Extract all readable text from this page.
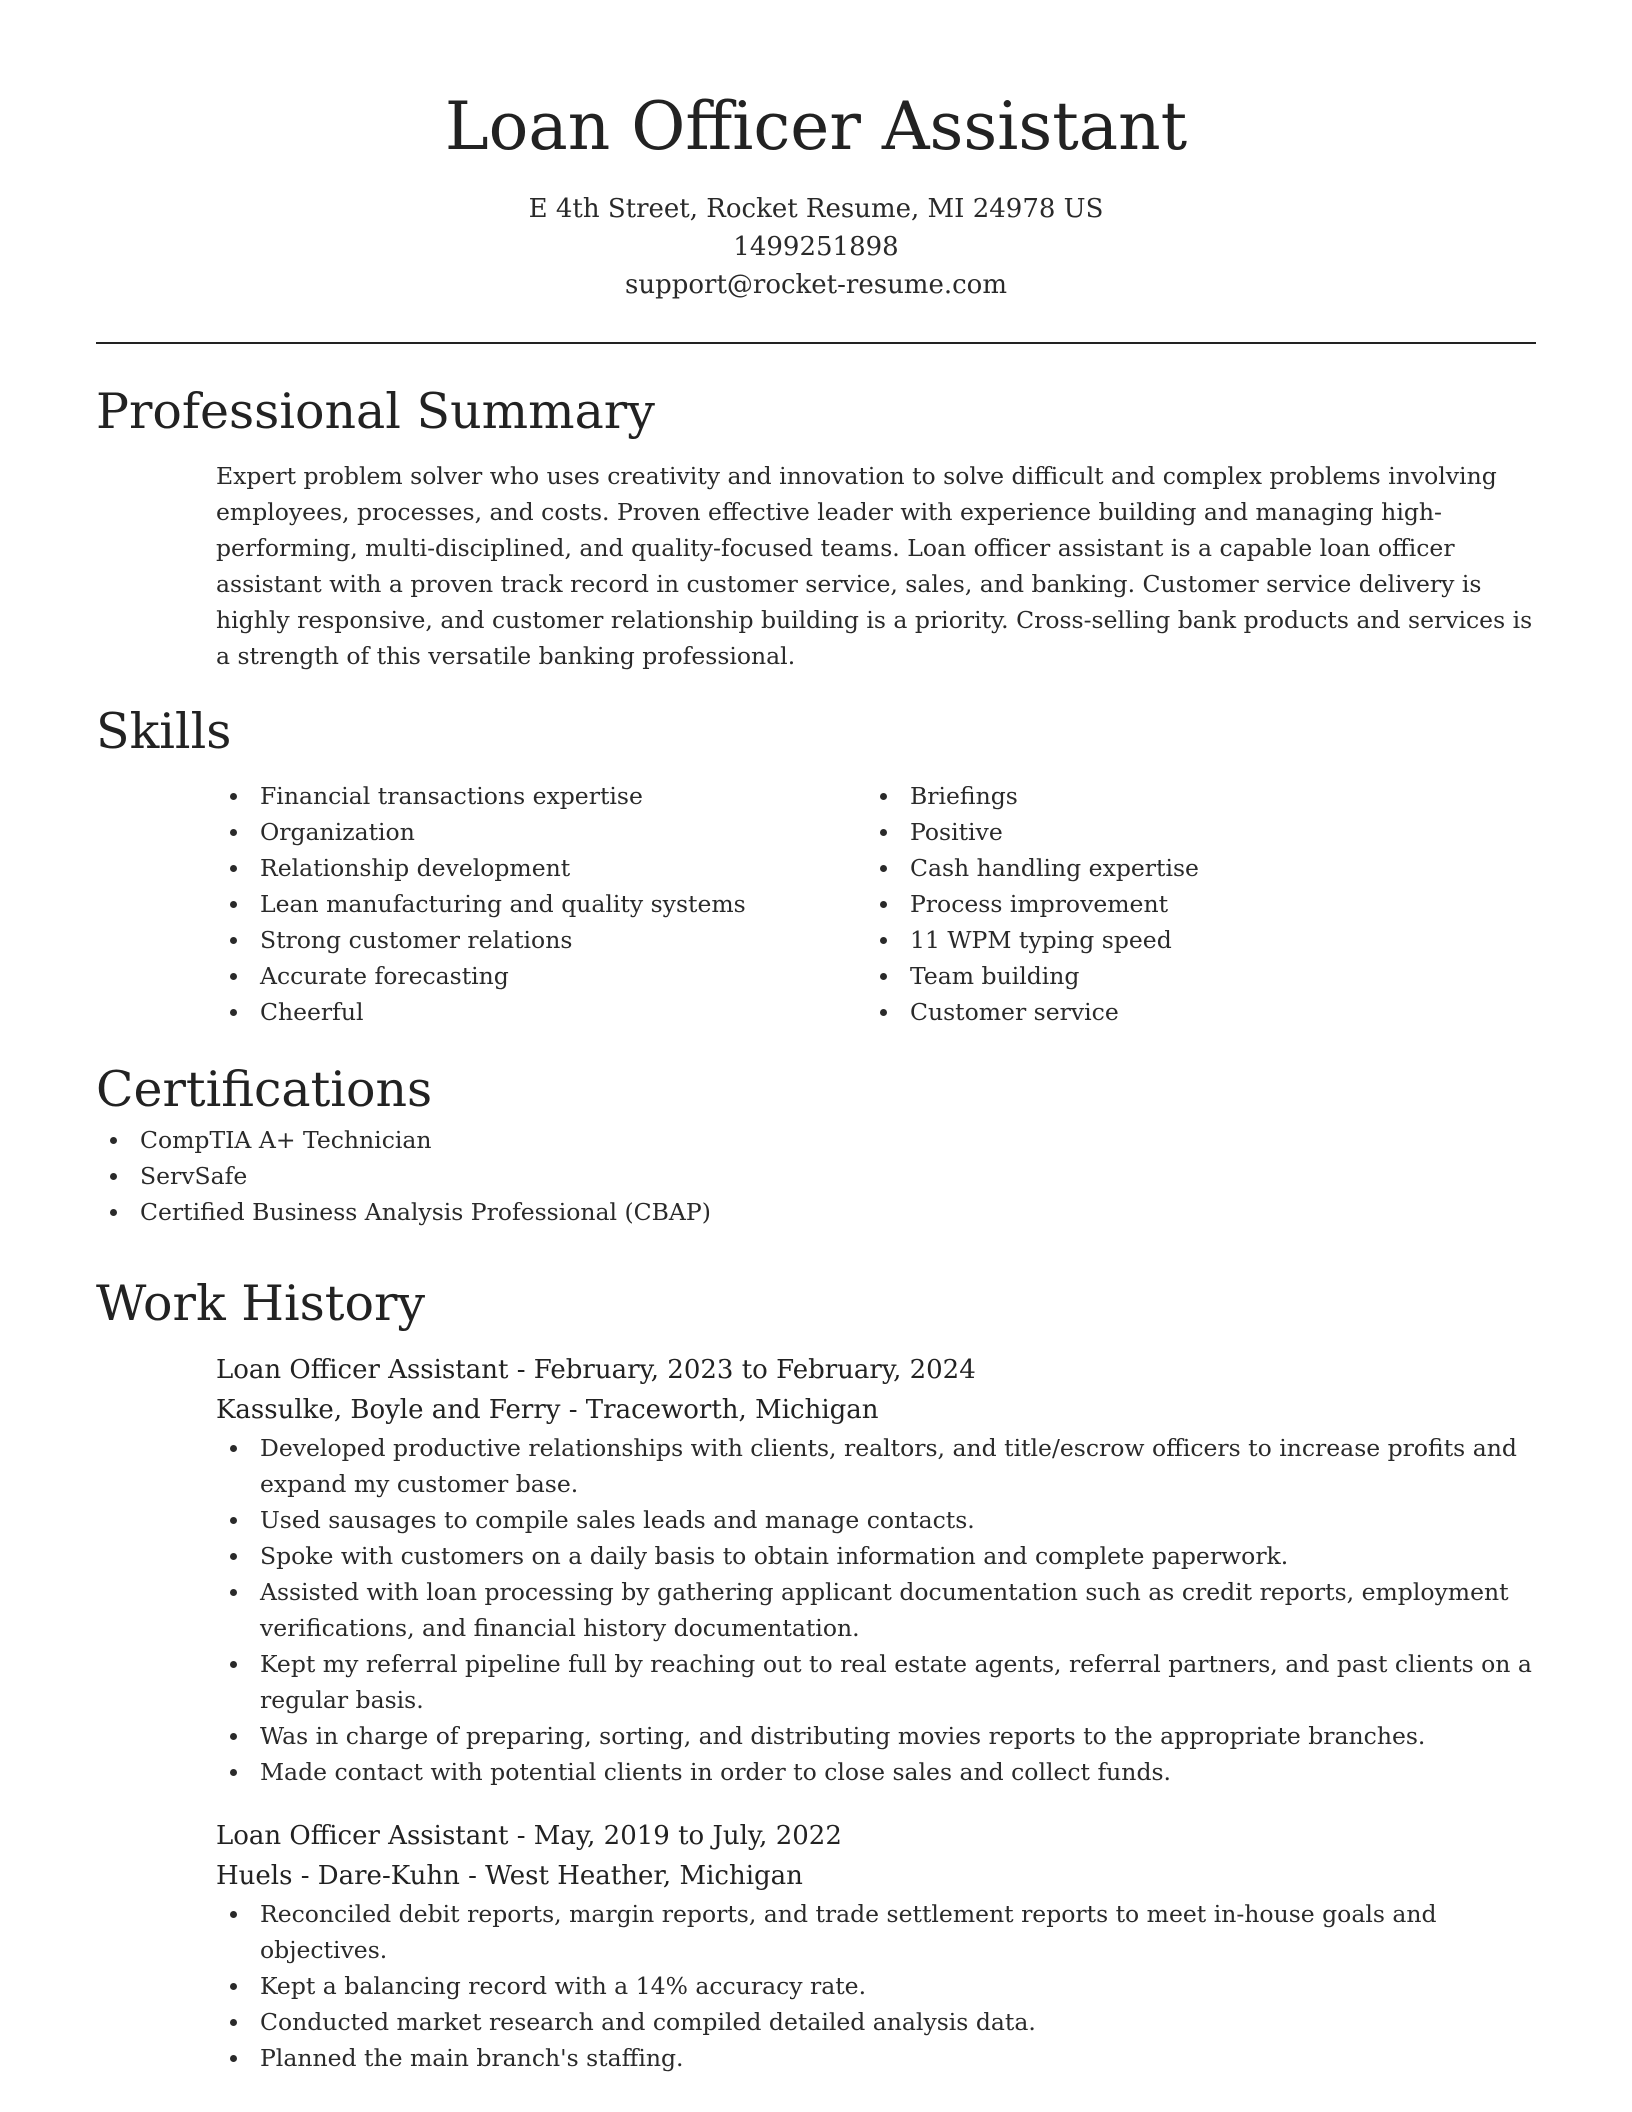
Loan Officer Assistant
E 4th Street, Rocket Resume, MI 24978 US
1499251898
support@rocket-resume.com
Professional Summary
Expert problem solver who uses creativity and innovation to solve difficult and complex problems involving employees, processes, and costs. Proven effective leader with experience building and managing high-performing, multi-disciplined, and quality-focused teams. Loan officer assistant is a capable loan officer assistant with a proven track record in customer service, sales, and banking. Customer service delivery is highly responsive, and customer relationship building is a priority. Cross-selling bank products and services is a strength of this versatile banking professional.
Skills
Financial transactions expertise
Organization
Relationship development
Lean manufacturing and quality systems
Strong customer relations
Accurate forecasting
Cheerful
Briefings
Positive
Cash handling expertise
Process improvement
11 WPM typing speed
Team building
Customer service
Certifications
CompTIA A+ Technician
ServSafe
Certified Business Analysis Professional (CBAP)
Work History
Loan Officer Assistant - February, 2023 to February, 2024
Kassulke, Boyle and Ferry - Traceworth, Michigan
Developed productive relationships with clients, realtors, and title/escrow officers to increase profits and expand my customer base.
Used sausages to compile sales leads and manage contacts.
Spoke with customers on a daily basis to obtain information and complete paperwork.
Assisted with loan processing by gathering applicant documentation such as credit reports, employment verifications, and financial history documentation.
Kept my referral pipeline full by reaching out to real estate agents, referral partners, and past clients on a regular basis.
Was in charge of preparing, sorting, and distributing movies reports to the appropriate branches.
Made contact with potential clients in order to close sales and collect funds.
Loan Officer Assistant - May, 2019 to July, 2022
Huels - Dare-Kuhn - West Heather, Michigan
Reconciled debit reports, margin reports, and trade settlement reports to meet in-house goals and objectives.
Kept a balancing record with a 14% accuracy rate.
Conducted market research and compiled detailed analysis data.
Planned the main branch's staffing.
